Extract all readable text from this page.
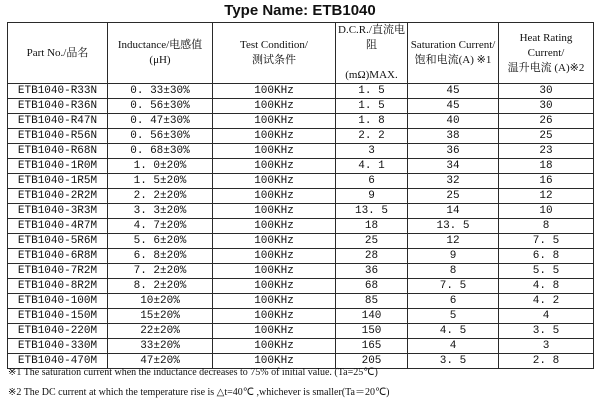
Type Name: ETB1040
Part No./品名	Inductance/电感值(μH)	Test Condition/
测试条件	D.C.R./直流电阻

(mΩ)MAX.	Saturation Current/
饱和电流(A) ※1	Heat Rating
Current/
温升电流 (A)※2
ETB1040-R33N	0. 33±30%	100KHz	1. 5	45	30
ETB1040-R36N	0. 56±30%	100KHz	1. 5	45	30
ETB1040-R47N	0. 47±30%	100KHz	1. 8	40	26
ETB1040-R56N	0. 56±30%	100KHz	2. 2	38	25
ETB1040-R68N	0. 68±30%	100KHz	3	36	23
ETB1040-1R0M	1. 0±20%	100KHz	4. 1	34	18
ETB1040-1R5M	1. 5±20%	100KHz	6	32	16
ETB1040-2R2M	2. 2±20%	100KHz	9	25	12
ETB1040-3R3M	3. 3±20%	100KHz	13. 5	14	10
ETB1040-4R7M	4. 7±20%	100KHz	18	13. 5	8
ETB1040-5R6M	5. 6±20%	100KHz	25	12	7. 5
ETB1040-6R8M	6. 8±20%	100KHz	28	9	6. 8
ETB1040-7R2M	7. 2±20%	100KHz	36	8	5. 5
ETB1040-8R2M	8. 2±20%	100KHz	68	7. 5	4. 8
ETB1040-100M	10±20%	100KHz	85	6	4. 2
ETB1040-150M	15±20%	100KHz	140	5	4
ETB1040-220M	22±20%	100KHz	150	4. 5	3. 5
ETB1040-330M	33±20%	100KHz	165	4	3
ETB1040-470M	47±20%	100KHz	205	3. 5	2. 8

※1 The saturation current when the inductance decreases to 75% of initial value. (Ta=25℃)

※2 The DC current at which the temperature rise is △t=40℃ ,whichever is smaller(Ta＝20℃)
